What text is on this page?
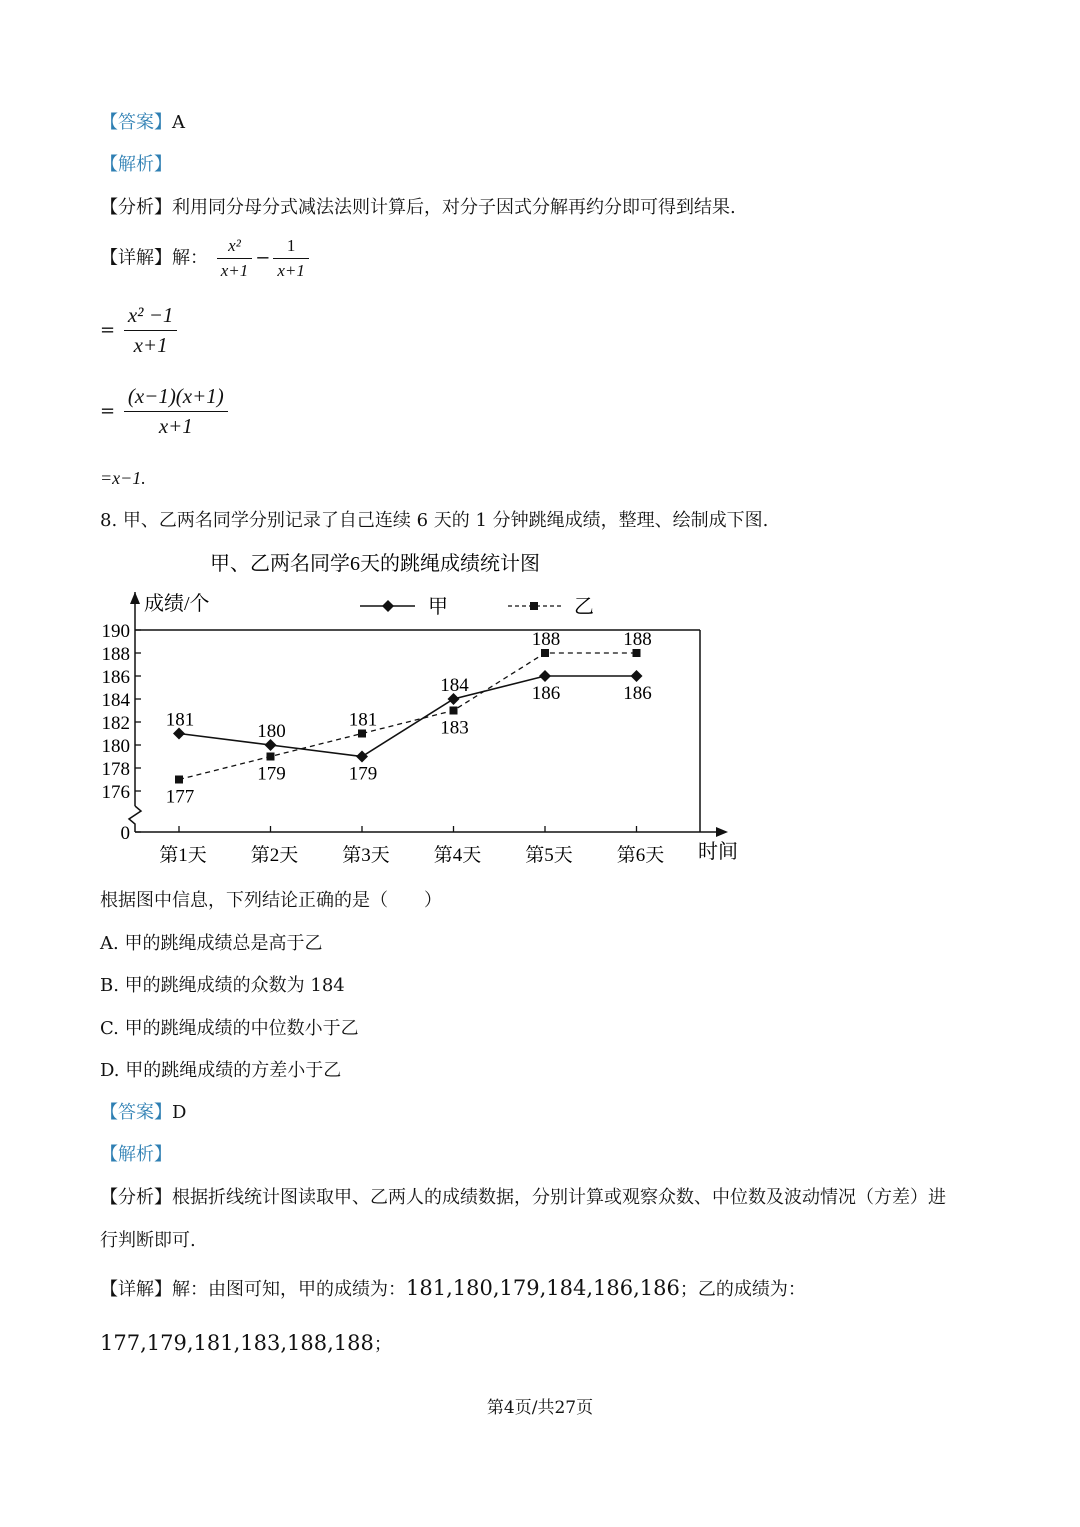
【答案】A
【解析】
【分析】利用同分母分式减法法则计算后，对分子因式分解再约分即可得到结果.
【详解】解： $\frac{\text{x²}}{x+1} - \frac{1}{x+1}$
= $\frac{\text{x² −1}}{x+1}$
= $\frac{(x-1)(x+1)}{x+1}$
=x−1.
8. 甲、乙两名同学分别记录了自己连续 6 天的 1 分钟跳绳成绩，整理、绘制成下图.
甲、乙两名同学6天的跳绳成绩统计图
成绩/个
时间
0
176
178
180
182
184
186
188
190
第1天 第2天 第3天 第4天 第5天 第6天
甲	乙
181
180
179
184	186	186
177
179
181	183
188	188
根据图中信息，下列结论正确的是（　　）
A. 甲的跳绳成绩总是高于乙
B. 甲的跳绳成绩的众数为 184
C. 甲的跳绳成绩的中位数小于乙
D. 甲的跳绳成绩的方差小于乙
【答案】D
【解析】
【分析】根据折线统计图读取甲、乙两人的成绩数据，分别计算或观察众数、中位数及波动情况（方差）进
行判断即可.
【详解】解：由图可知，甲的成绩为：181,180,179,184,186,186；乙的成绩为：
177,179,181,183,188,188；
第4页/共27页
